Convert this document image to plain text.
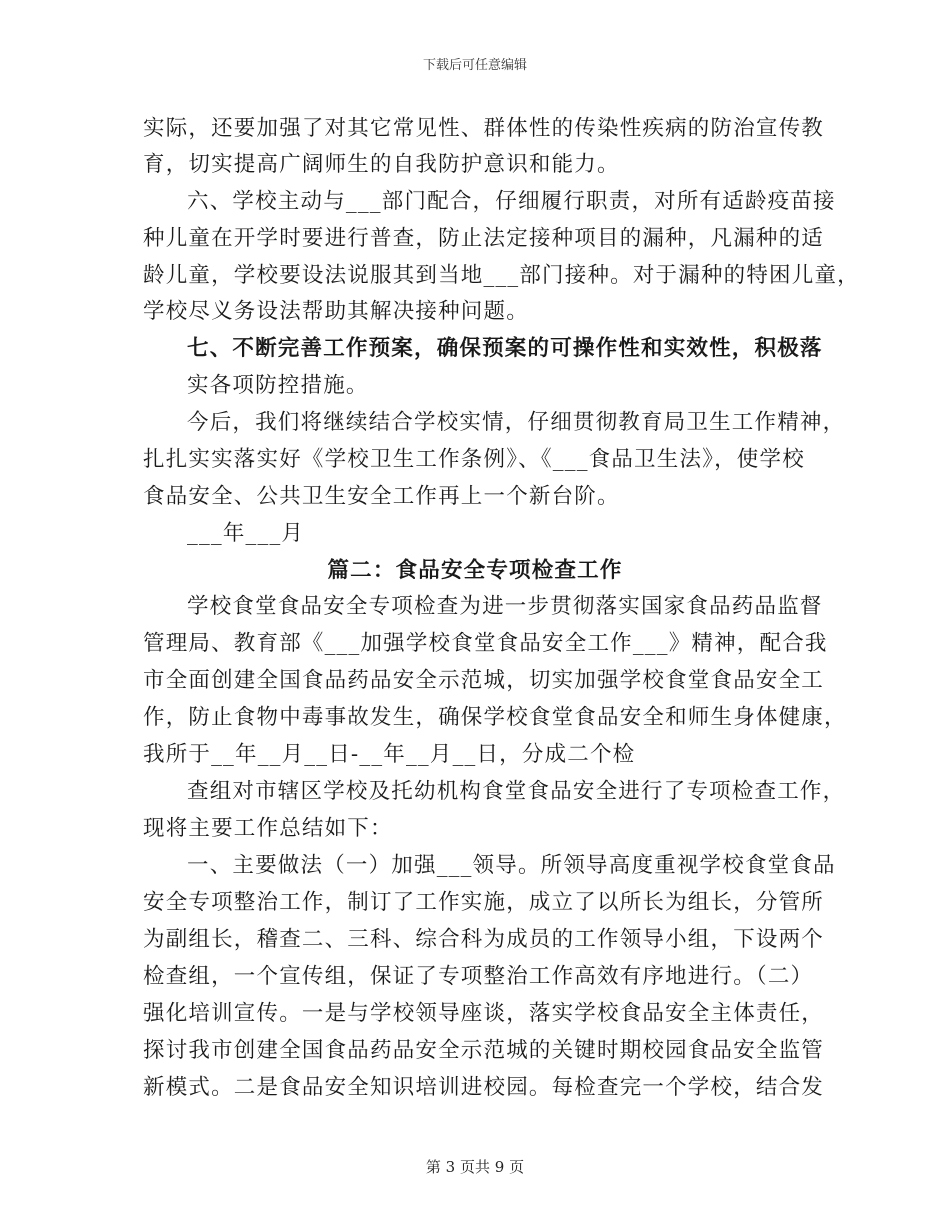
下载后可任意编辑
实际，还要加强了对其它常见性、群体性的传染性疾病的防治宣传教
育，切实提高广阔师生的自我防护意识和能力。
六、学校主动与___部门配合，仔细履行职责，对所有适龄疫苗接
种儿童在开学时要进行普查，防止法定接种项目的漏种，凡漏种的适
龄儿童，学校要设法说服其到当地___部门接种。对于漏种的特困儿童，
学校尽义务设法帮助其解决接种问题。
七、不断完善工作预案，确保预案的可操作性和实效性，积极落
实各项防控措施。
今后，我们将继续结合学校实情，仔细贯彻教育局卫生工作精神，
扎扎实实落实好《学校卫生工作条例》、《___食品卫生法》，使学校
食品安全、公共卫生安全工作再上一个新台阶。
___年___月
篇二：食品安全专项检查工作
学校食堂食品安全专项检查为进一步贯彻落实国家食品药品监督
管理局、教育部《___加强学校食堂食品安全工作___》精神，配合我
市全面创建全国食品药品安全示范城，切实加强学校食堂食品安全工
作，防止食物中毒事故发生，确保学校食堂食品安全和师生身体健康，
我所于__年__月__日-__年__月__日，分成二个检
查组对市辖区学校及托幼机构食堂食品安全进行了专项检查工作，
现将主要工作总结如下：
一、主要做法（一）加强___领导。所领导高度重视学校食堂食品
安全专项整治工作，制订了工作实施，成立了以所长为组长，分管所
为副组长，稽查二、三科、综合科为成员的工作领导小组，下设两个
检查组，一个宣传组，保证了专项整治工作高效有序地进行。（二）
强化培训宣传。一是与学校领导座谈，落实学校食品安全主体责任，
探讨我市创建全国食品药品安全示范城的关键时期校园食品安全监管
新模式。二是食品安全知识培训进校园。每检查完一个学校，结合发
第 3 页共 9 页
